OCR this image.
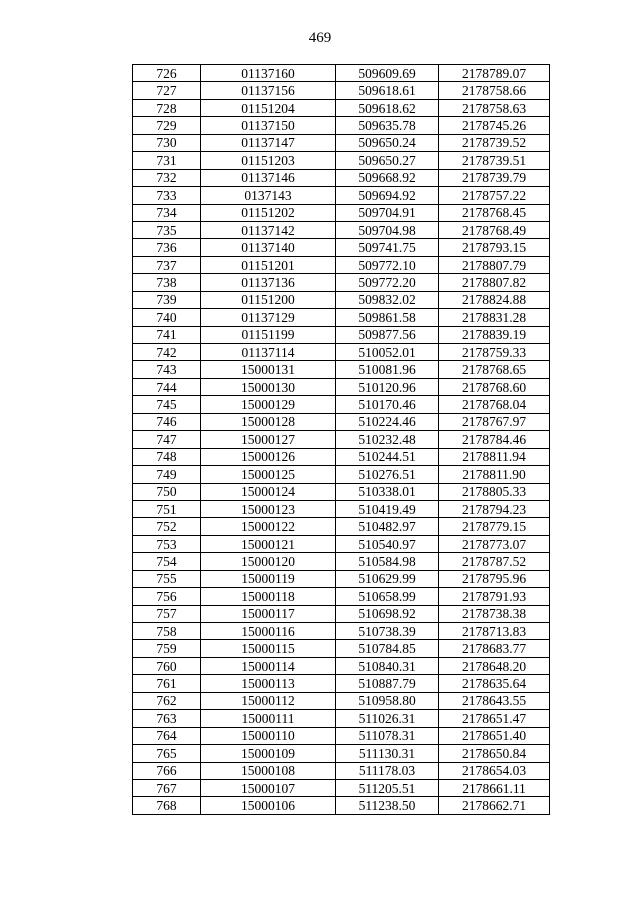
469
726	01137160	509609.69	2178789.07
727	01137156	509618.61	2178758.66
728	01151204	509618.62	2178758.63
729	01137150	509635.78	2178745.26
730	01137147	509650.24	2178739.52
731	01151203	509650.27	2178739.51
732	01137146	509668.92	2178739.79
733	0137143	509694.92	2178757.22
734	01151202	509704.91	2178768.45
735	01137142	509704.98	2178768.49
736	01137140	509741.75	2178793.15
737	01151201	509772.10	2178807.79
738	01137136	509772.20	2178807.82
739	01151200	509832.02	2178824.88
740	01137129	509861.58	2178831.28
741	01151199	509877.56	2178839.19
742	01137114	510052.01	2178759.33
743	15000131	510081.96	2178768.65
744	15000130	510120.96	2178768.60
745	15000129	510170.46	2178768.04
746	15000128	510224.46	2178767.97
747	15000127	510232.48	2178784.46
748	15000126	510244.51	2178811.94
749	15000125	510276.51	2178811.90
750	15000124	510338.01	2178805.33
751	15000123	510419.49	2178794.23
752	15000122	510482.97	2178779.15
753	15000121	510540.97	2178773.07
754	15000120	510584.98	2178787.52
755	15000119	510629.99	2178795.96
756	15000118	510658.99	2178791.93
757	15000117	510698.92	2178738.38
758	15000116	510738.39	2178713.83
759	15000115	510784.85	2178683.77
760	15000114	510840.31	2178648.20
761	15000113	510887.79	2178635.64
762	15000112	510958.80	2178643.55
763	15000111	511026.31	2178651.47
764	15000110	511078.31	2178651.40
765	15000109	511130.31	2178650.84
766	15000108	511178.03	2178654.03
767	15000107	511205.51	2178661.11
768	15000106	511238.50	2178662.71
